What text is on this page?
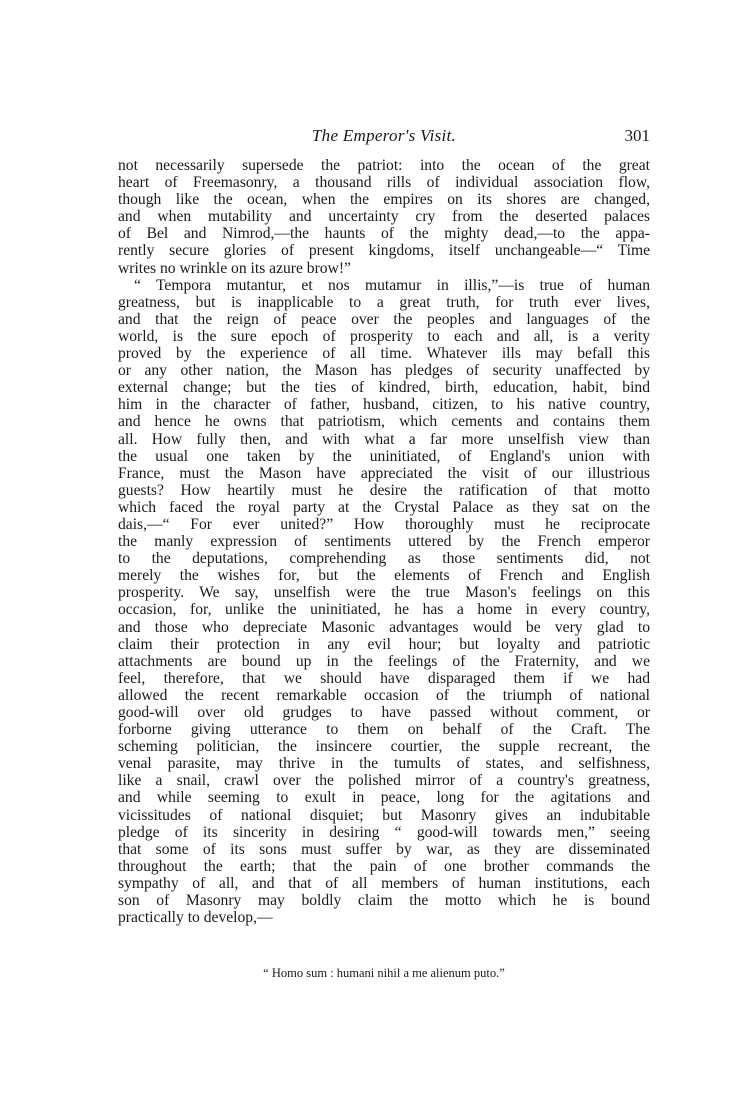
The Emperor's Visit.	301
not necessarily supersede the patriot: into the ocean of the great
heart of Freemasonry, a thousand rills of individual association flow,
though like the ocean, when the empires on its shores are changed,
and when mutability and uncertainty cry from the deserted palaces
of Bel and Nimrod,—the haunts of the mighty dead,—to the appa-
rently secure glories of present kingdoms, itself unchangeable—“ Time
writes no wrinkle on its azure brow!”
“ Tempora mutantur, et nos mutamur in illis,”—is true of human
greatness, but is inapplicable to a great truth, for truth ever lives,
and that the reign of peace over the peoples and languages of the
world, is the sure epoch of prosperity to each and all, is a verity
proved by the experience of all time. Whatever ills may befall this
or any other nation, the Mason has pledges of security unaffected by
external change; but the ties of kindred, birth, education, habit, bind
him in the character of father, husband, citizen, to his native country,
and hence he owns that patriotism, which cements and contains them
all. How fully then, and with what a far more unselfish view than
the usual one taken by the uninitiated, of England's union with
France, must the Mason have appreciated the visit of our illustrious
guests? How heartily must he desire the ratification of that motto
which faced the royal party at the Crystal Palace as they sat on the
dais,—“ For ever united?” How thoroughly must he reciprocate
the manly expression of sentiments uttered by the French emperor
to the deputations, comprehending as those sentiments did, not
merely the wishes for, but the elements of French and English
prosperity. We say, unselfish were the true Mason's feelings on this
occasion, for, unlike the uninitiated, he has a home in every country,
and those who depreciate Masonic advantages would be very glad to
claim their protection in any evil hour; but loyalty and patriotic
attachments are bound up in the feelings of the Fraternity, and we
feel, therefore, that we should have disparaged them if we had
allowed the recent remarkable occasion of the triumph of national
good-will over old grudges to have passed without comment, or
forborne giving utterance to them on behalf of the Craft. The
scheming politician, the insincere courtier, the supple recreant, the
venal parasite, may thrive in the tumults of states, and selfishness,
like a snail, crawl over the polished mirror of a country's greatness,
and while seeming to exult in peace, long for the agitations and
vicissitudes of national disquiet; but Masonry gives an indubitable
pledge of its sincerity in desiring “ good-will towards men,” seeing
that some of its sons must suffer by war, as they are disseminated
throughout the earth; that the pain of one brother commands the
sympathy of all, and that of all members of human institutions, each
son of Masonry may boldly claim the motto which he is bound
practically to develop,—
“ Homo sum : humani nihil a me alienum puto.”
